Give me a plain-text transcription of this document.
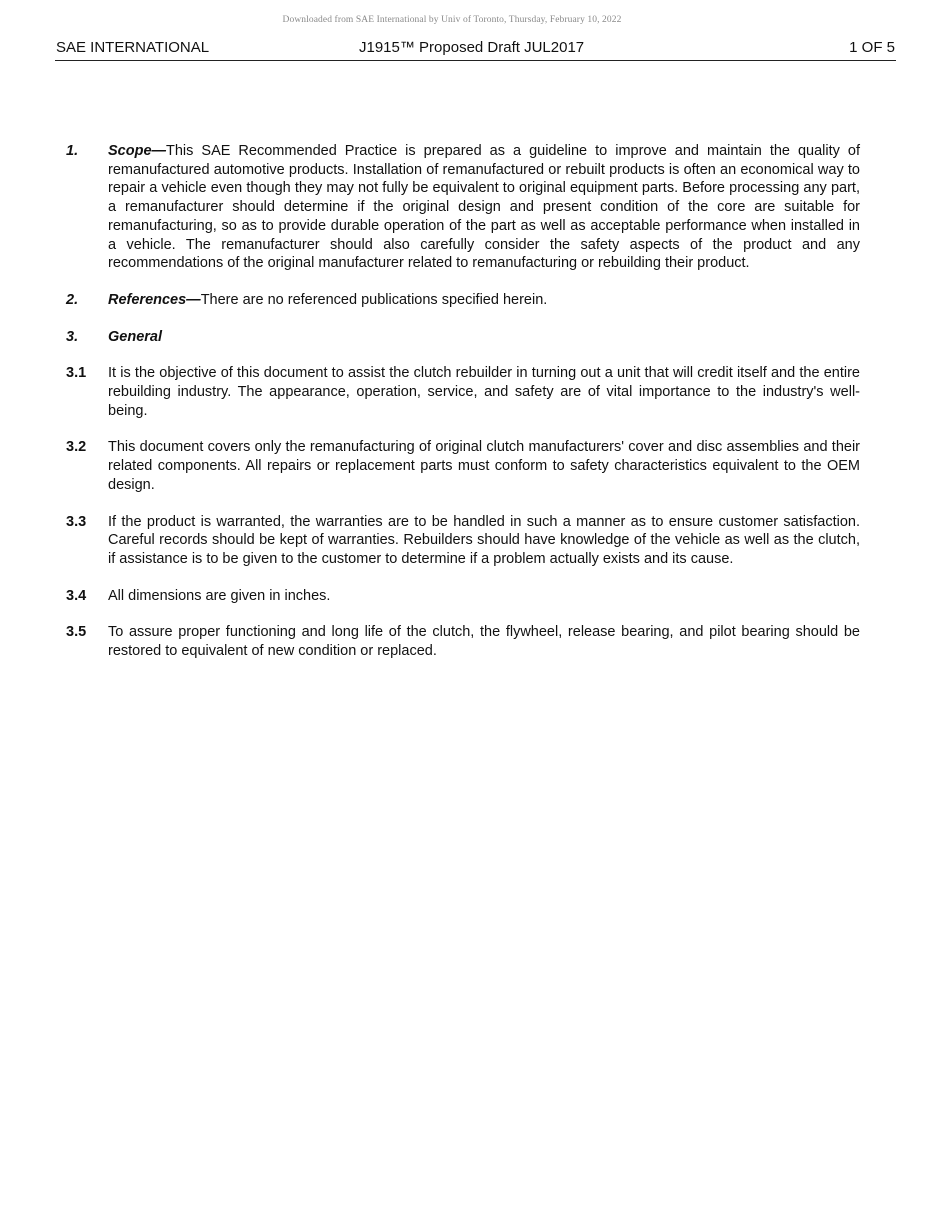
Downloaded from SAE International by Univ of Toronto, Thursday, February 10, 2022
SAE INTERNATIONAL	J1915™ Proposed Draft JUL2017	1 OF 5
1.	Scope—This SAE Recommended Practice is prepared as a guideline to improve and maintain the quality of remanufactured automotive products. Installation of remanufactured or rebuilt products is often an economical way to repair a vehicle even though they may not fully be equivalent to original equipment parts. Before processing any part, a remanufacturer should determine if the original design and present condition of the core are suitable for remanufacturing, so as to provide durable operation of the part as well as acceptable performance when installed in a vehicle. The remanufacturer should also carefully consider the safety aspects of the product and any recommendations of the original manufacturer related to remanufacturing or rebuilding their product.
2.	References—There are no referenced publications specified herein.
3.	General
3.1	It is the objective of this document to assist the clutch rebuilder in turning out a unit that will credit itself and the entire rebuilding industry. The appearance, operation, service, and safety are of vital importance to the industry's well-being.
3.2	This document covers only the remanufacturing of original clutch manufacturers' cover and disc assemblies and their related components. All repairs or replacement parts must conform to safety characteristics equivalent to the OEM design.
3.3	If the product is warranted, the warranties are to be handled in such a manner as to ensure customer satisfaction. Careful records should be kept of warranties. Rebuilders should have knowledge of the vehicle as well as the clutch, if assistance is to be given to the customer to determine if a problem actually exists and its cause.
3.4	All dimensions are given in inches.
3.5	To assure proper functioning and long life of the clutch, the flywheel, release bearing, and pilot bearing should be restored to equivalent of new condition or replaced.
